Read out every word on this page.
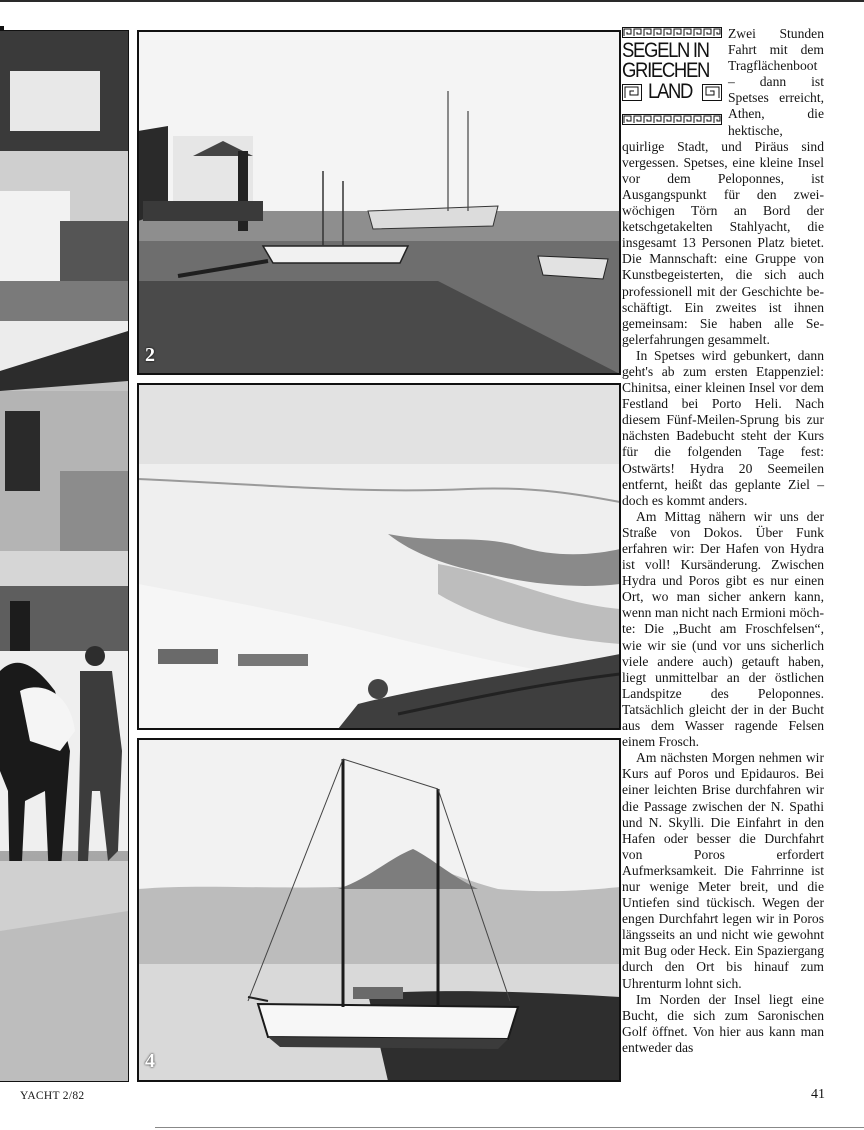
2
4
SEGELN IN
GRIECHEN
LAND

Zwei Stunden Fahrt mit dem Tragflächenboot – dann ist Spetses erreicht, Athen, die hektische, quirlige Stadt, und Piräus sind vergessen. Spetses, eine kleine Insel vor dem Peloponnes, ist Ausgangspunkt für den zweiwöchigen Törn an Bord der ketschgetakelten Stahlyacht, die insgesamt 13 Personen Platz bietet. Die Mannschaft: eine Gruppe von Kunstbegeisterten, die sich auch professionell mit der Geschichte beschäftigt. Ein zweites ist ihnen gemeinsam: Sie haben alle Segelerfahrungen gesammelt.

In Spetses wird gebunkert, dann geht's ab zum ersten Etappenziel: Chinitsa, einer kleinen Insel vor dem Festland bei Porto Heli. Nach diesem Fünf-Meilen-Sprung bis zur nächsten Badebucht steht der Kurs für die folgenden Tage fest: Ostwärts! Hydra 20 Seemeilen entfernt, heißt das geplante Ziel – doch es kommt anders.

Am Mittag nähern wir uns der Straße von Dokos. Über Funk erfahren wir: Der Hafen von Hydra ist voll! Kursänderung. Zwischen Hydra und Poros gibt es nur einen Ort, wo man sicher ankern kann, wenn man nicht nach Ermioni möchte: Die „Bucht am Froschfelsen“, wie wir sie (und vor uns sicherlich viele andere auch) getauft haben, liegt unmittelbar an der östlichen Landspitze des Peloponnes. Tatsächlich gleicht der in der Bucht aus dem Wasser ragende Felsen einem Frosch.

Am nächsten Morgen nehmen wir Kurs auf Poros und Epidauros. Bei einer leichten Brise durchfahren wir die Passage zwischen der N. Spathi und N. Skylli. Die Einfahrt in den Hafen oder besser die Durchfahrt von Poros erfordert Aufmerksamkeit. Die Fahrrinne ist nur wenige Meter breit, und die Untiefen sind tückisch. Wegen der engen Durchfahrt legen wir in Poros längsseits an und nicht wie gewohnt mit Bug oder Heck. Ein Spaziergang durch den Ort bis hinauf zum Uhrenturm lohnt sich.

Im Norden der Insel liegt eine Bucht, die sich zum Saronischen Golf öffnet. Von hier aus kann man entweder das

YACHT 2/82	41
